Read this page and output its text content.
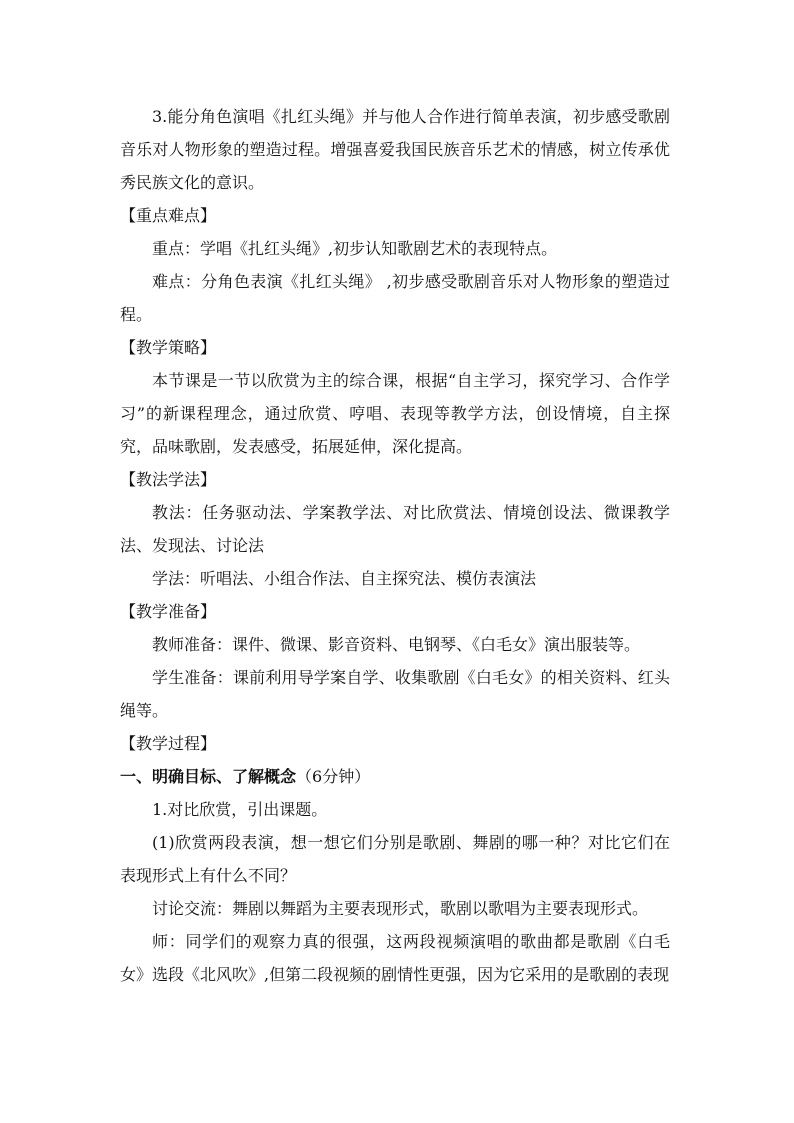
3.能分角色演唱《扎红头绳》并与他人合作进行简单表演，初步感受歌剧音乐对人物形象的塑造过程。增强喜爱我国民族音乐艺术的情感，树立传承优秀民族文化的意识。

【重点难点】

重点：学唱《扎红头绳》,初步认知歌剧艺术的表现特点。

难点：分角色表演《扎红头绳》 ,初步感受歌剧音乐对人物形象的塑造过程。

【教学策略】

本节课是一节以欣赏为主的综合课，根据“自主学习，探究学习、合作学习”的新课程理念，通过欣赏、哼唱、表现等教学方法，创设情境，自主探究，品味歌剧，发表感受，拓展延伸，深化提高。

【教法学法】

教法：任务驱动法、学案教学法、对比欣赏法、情境创设法、微课教学法、发现法、讨论法

学法：听唱法、小组合作法、自主探究法、模仿表演法

【教学准备】

教师准备：课件、微课、影音资料、电钢琴、《白毛女》演出服装等。

学生准备：课前利用导学案自学、收集歌剧《白毛女》的相关资料、红头绳等。

【教学过程】

一、明确目标、了解概念（6分钟）

1.对比欣赏，引出课题。

(1)欣赏两段表演，想一想它们分别是歌剧、舞剧的哪一种？对比它们在表现形式上有什么不同？

讨论交流：舞剧以舞蹈为主要表现形式，歌剧以歌唱为主要表现形式。

师：同学们的观察力真的很强，这两段视频演唱的歌曲都是歌剧《白毛女》选段《北风吹》,但第二段视频的剧情性更强，因为它采用的是歌剧的表现
